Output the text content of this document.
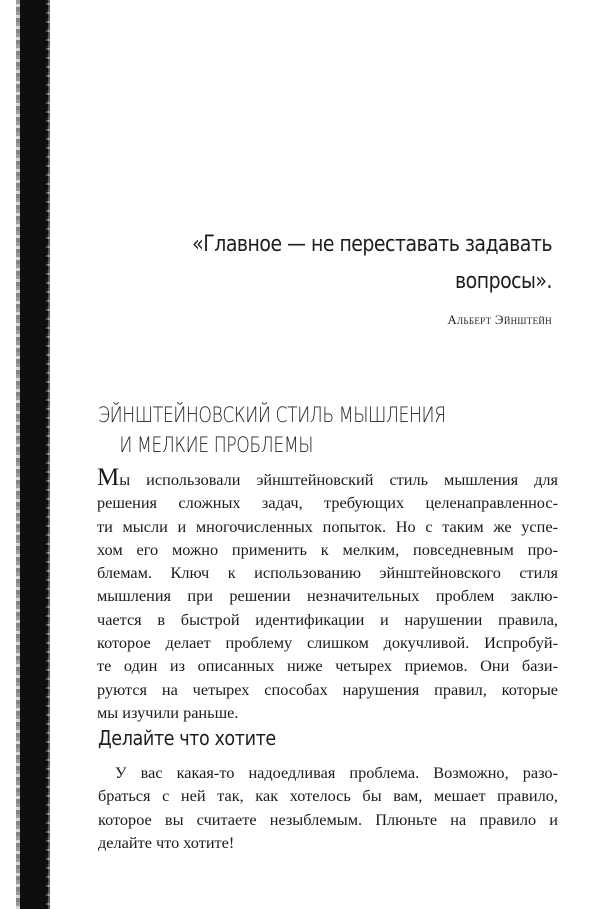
«Главное — не переставать задавать
вопросы».
Альберт Эйнштейн
ЭЙНШТЕЙНОВСКИЙ СТИЛЬ МЫШЛЕНИЯ
И МЕЛКИЕ ПРОБЛЕМЫ
Мы использовали эйнштейновский стиль мышления для
решения сложных задач, требующих целенаправленнос-
ти мысли и многочисленных попыток. Но с таким же успе-
хом его можно применить к мелким, повседневным про-
блемам. Ключ к использованию эйнштейновского стиля
мышления при решении незначительных проблем заклю-
чается в быстрой идентификации и нарушении правила,
которое делает проблему слишком докучливой. Испробуй-
те один из описанных ниже четырех приемов. Они бази-
руются на четырех способах нарушения правил, которые
мы изучили раньше.
Делайте что хотите
У вас какая-то надоедливая проблема. Возможно, разо-
браться с ней так, как хотелось бы вам, мешает правило,
которое вы считаете незыблемым. Плюньте на правило и
делайте что хотите!
